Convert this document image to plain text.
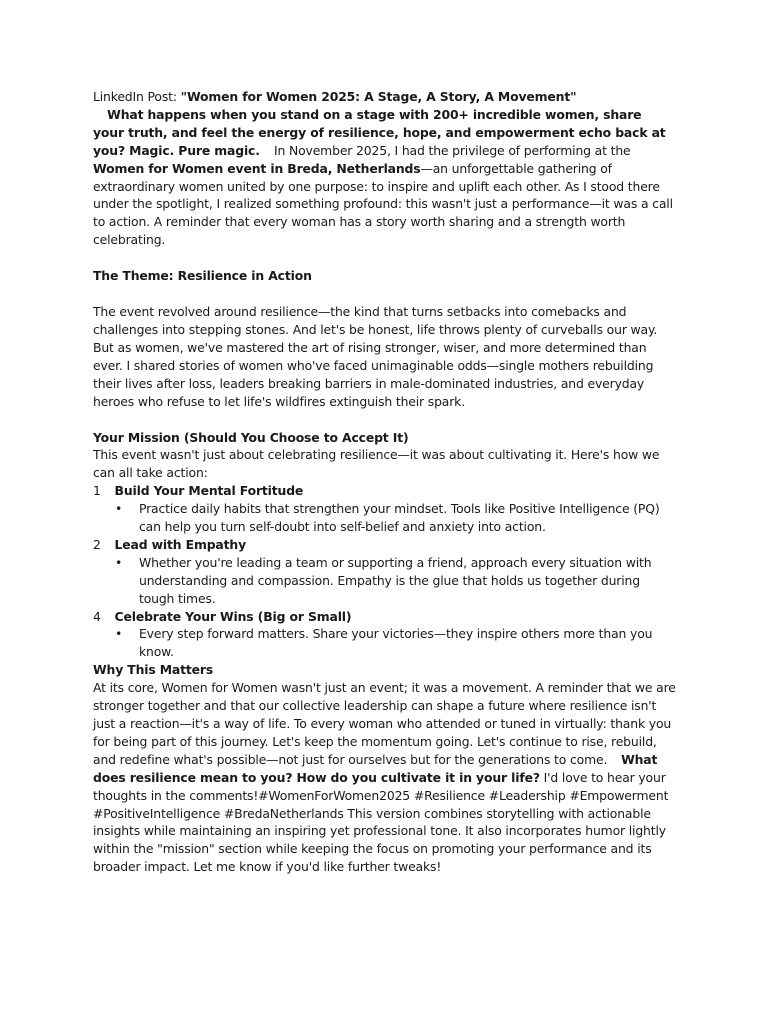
LinkedIn Post: "Women for Women 2025: A Stage, A Story, A Movement"
What happens when you stand on a stage with 200+ incredible women, share your truth, and feel the energy of resilience, hope, and empowerment echo back at you? Magic. Pure magic. In November 2025, I had the privilege of performing at the Women for Women event in Breda, Netherlands—an unforgettable gathering of extraordinary women united by one purpose: to inspire and uplift each other. As I stood there under the spotlight, I realized something profound: this wasn't just a performance—it was a call to action. A reminder that every woman has a story worth sharing and a strength worth celebrating.

The Theme: Resilience in Action

The event revolved around resilience—the kind that turns setbacks into comebacks and challenges into stepping stones. And let's be honest, life throws plenty of curveballs our way. But as women, we've mastered the art of rising stronger, wiser, and more determined than ever. I shared stories of women who've faced unimaginable odds—single mothers rebuilding their lives after loss, leaders breaking barriers in male-dominated industries, and everyday heroes who refuse to let life's wildfires extinguish their spark.

Your Mission (Should You Choose to Accept It)

This event wasn't just about celebrating resilience—it was about cultivating it. Here's how we can all take action:

1 Build Your Mental Fortitude

• Practice daily habits that strengthen your mindset. Tools like Positive Intelligence (PQ) can help you turn self-doubt into self-belief and anxiety into action.

2 Lead with Empathy

• Whether you're leading a team or supporting a friend, approach every situation with understanding and compassion. Empathy is the glue that holds us together during tough times.

4 Celebrate Your Wins (Big or Small)

• Every step forward matters. Share your victories—they inspire others more than you know.

Why This Matters

At its core, Women for Women wasn't just an event; it was a movement. A reminder that we are stronger together and that our collective leadership can shape a future where resilience isn't just a reaction—it's a way of life. To every woman who attended or tuned in virtually: thank you for being part of this journey. Let's keep the momentum going. Let's continue to rise, rebuild, and redefine what's possible—not just for ourselves but for the generations to come. What does resilience mean to you? How do you cultivate it in your life? I'd love to hear your thoughts in the comments!#WomenForWomen2025 #Resilience #Leadership #Empowerment #PositiveIntelligence #BredaNetherlands This version combines storytelling with actionable insights while maintaining an inspiring yet professional tone. It also incorporates humor lightly within the "mission" section while keeping the focus on promoting your performance and its broader impact. Let me know if you'd like further tweaks!
